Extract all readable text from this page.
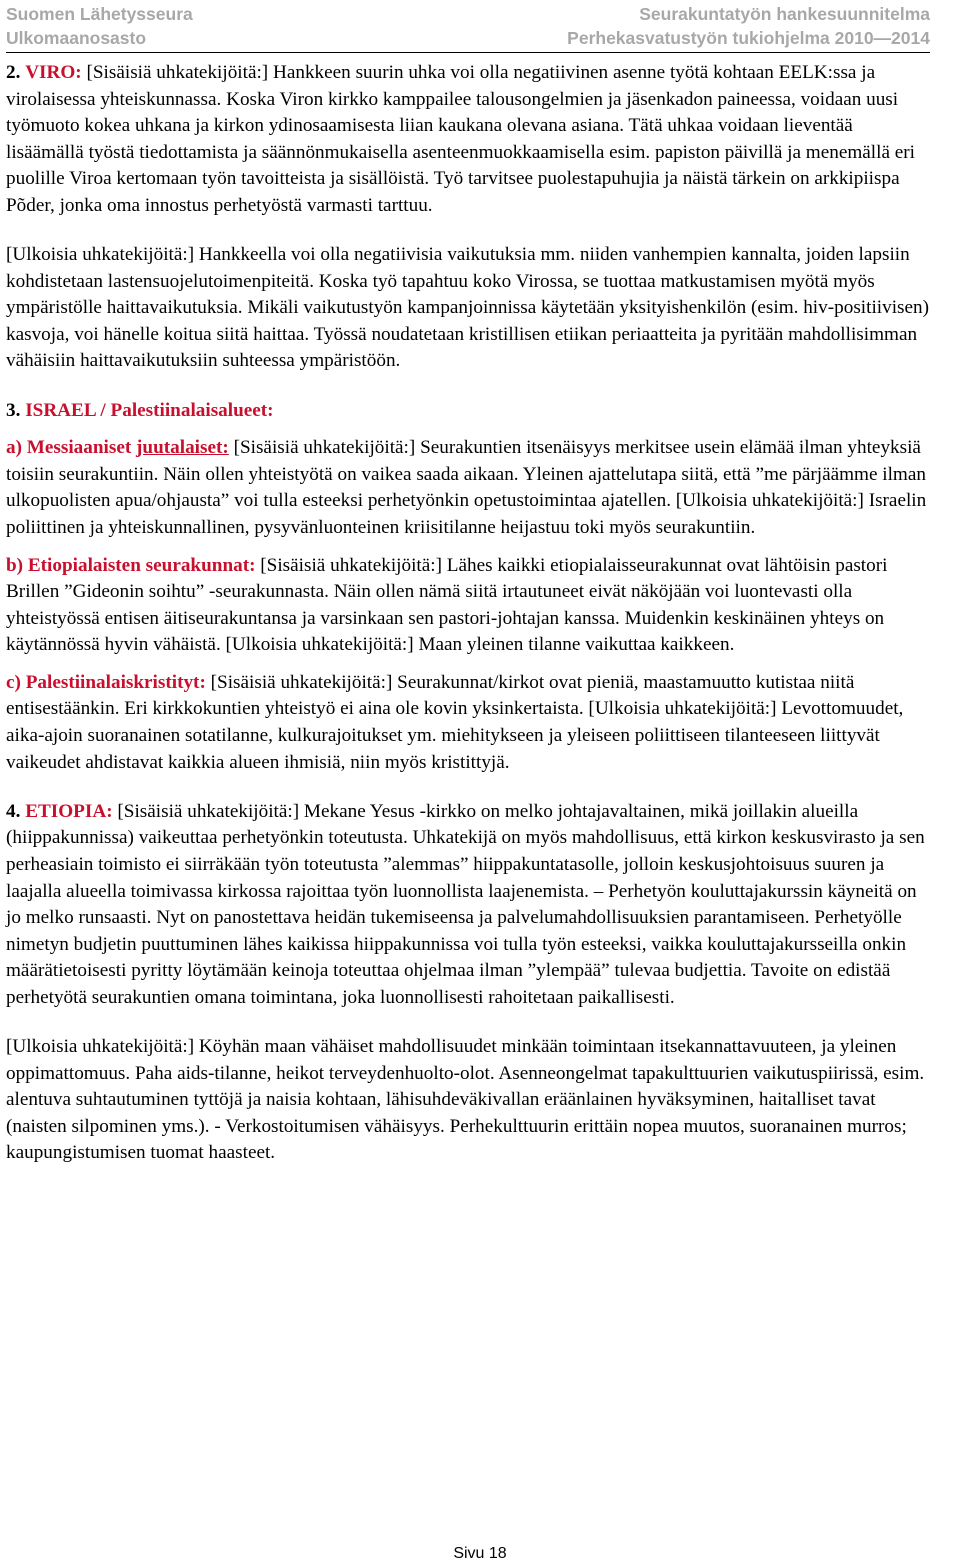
Suomen Lähetysseura
Ulkomaanosasto
Seurakuntatyön hankesuunnitelma
Perhekasvatustyön tukiohjelma 2010—2014

2. VIRO: [Sisäisiä uhkatekijöitä:] Hankkeen suurin uhka voi olla negatiivinen asenne työtä kohtaan EELK:ssa ja virolaisessa yhteiskunnassa. Koska Viron kirkko kamppailee talousongelmien ja jäsenkadon paineessa, voidaan uusi työmuoto kokea uhkana ja kirkon ydinosaamisesta liian kaukana olevana asiana. Tätä uhkaa voidaan lieventää lisäämällä työstä tiedottamista ja säännönmukaisella asenteenmuokkaamisella esim. papiston päivillä ja menemällä eri puolille Viroa kertomaan työn tavoitteista ja sisällöistä. Työ tarvitsee puolestapuhujia ja näistä tärkein on arkkipiispa Põder, jonka oma innostus perhetyöstä varmasti tarttuu.

[Ulkoisia uhkatekijöitä:] Hankkeella voi olla negatiivisia vaikutuksia mm. niiden vanhempien kannalta, joiden lapsiin kohdistetaan lastensuojelutoimenpiteitä. Koska työ tapahtuu koko Virossa, se tuottaa matkustamisen myötä myös ympäristölle haittavaikutuksia. Mikäli vaikutustyön kampanjoinnissa käytetään yksityishenkilön (esim. hiv-positiivisen) kasvoja, voi hänelle koitua siitä haittaa. Työssä noudatetaan kristillisen etiikan periaatteita ja pyritään mahdollisimman vähäisiin haittavaikutuksiin suhteessa ympäristöön.

3. ISRAEL / Palestiinalaisalueet:

a) Messiaaniset juutalaiset: [Sisäisiä uhkatekijöitä:] Seurakuntien itsenäisyys merkitsee usein elämää ilman yhteyksiä toisiin seurakuntiin. Näin ollen yhteistyötä on vaikea saada aikaan. Yleinen ajattelutapa siitä, että ”me pärjäämme ilman ulkopuolisten apua/ohjausta” voi tulla esteeksi perhetyönkin opetustoimintaa ajatellen. [Ulkoisia uhkatekijöitä:] Israelin poliittinen ja yhteiskunnallinen, pysyvänluonteinen kriisitilanne heijastuu toki myös seurakuntiin.

b) Etiopialaisten seurakunnat: [Sisäisiä uhkatekijöitä:] Lähes kaikki etiopialaisseurakunnat ovat lähtöisin pastori Brillen ”Gideonin soihtu” -seurakunnasta. Näin ollen nämä siitä irtautuneet eivät näköjään voi luontevasti olla yhteistyössä entisen äitiseurakuntansa ja varsinkaan sen pastori-johtajan kanssa. Muidenkin keskinäinen yhteys on käytännössä hyvin vähäistä. [Ulkoisia uhkatekijöitä:] Maan yleinen tilanne vaikuttaa kaikkeen.

c) Palestiinalaiskristityt: [Sisäisiä uhkatekijöitä:] Seurakunnat/kirkot ovat pieniä, maastamuutto kutistaa niitä entisestäänkin. Eri kirkkokuntien yhteistyö ei aina ole kovin yksinkertaista. [Ulkoisia uhkatekijöitä:] Levottomuudet, aika-ajoin suoranainen sotatilanne, kulkurajoitukset ym. miehitykseen ja yleiseen poliittiseen tilanteeseen liittyvät vaikeudet ahdistavat kaikkia alueen ihmisiä, niin myös kristittyjä.

4. ETIOPIA: [Sisäisiä uhkatekijöitä:] Mekane Yesus -kirkko on melko johtajavaltainen, mikä joillakin alueilla (hiippakunnissa) vaikeuttaa perhetyönkin toteutusta. Uhkatekijä on myös mahdollisuus, että kirkon keskusvirasto ja sen perheasiain toimisto ei siirräkään työn toteutusta ”alemmas” hiippakuntatasolle, jolloin keskusjohtoisuus suuren ja laajalla alueella toimivassa kirkossa rajoittaa työn luonnollista laajenemista. – Perhetyön kouluttajakurssin käyneitä on jo melko runsaasti. Nyt on panostettava heidän tukemiseensa ja palvelumahdollisuuksien parantamiseen. Perhetyölle nimetyn budjetin puuttuminen lähes kaikissa hiippakunnissa voi tulla työn esteeksi, vaikka kouluttajakursseilla onkin määrätietoisesti pyritty löytämään keinoja toteuttaa ohjelmaa ilman ”ylempää” tulevaa budjettia. Tavoite on edistää perhetyötä seurakuntien omana toimintana, joka luonnollisesti rahoitetaan paikallisesti.

[Ulkoisia uhkatekijöitä:] Köyhän maan vähäiset mahdollisuudet minkään toimintaan itsekannattavuuteen, ja yleinen oppimattomuus. Paha aids-tilanne, heikot terveydenhuolto-olot. Asenneongelmat tapakulttuurien vaikutuspiirissä, esim. alentuva suhtautuminen tyttöjä ja naisia kohtaan, lähisuhdeväkivallan eräänlainen hyväksyminen, haitalliset tavat (naisten silpominen yms.). - Verkostoitumisen vähäisyys. Perhekulttuurin erittäin nopea muutos, suoranainen murros; kaupungistumisen tuomat haasteet.

Sivu 18
